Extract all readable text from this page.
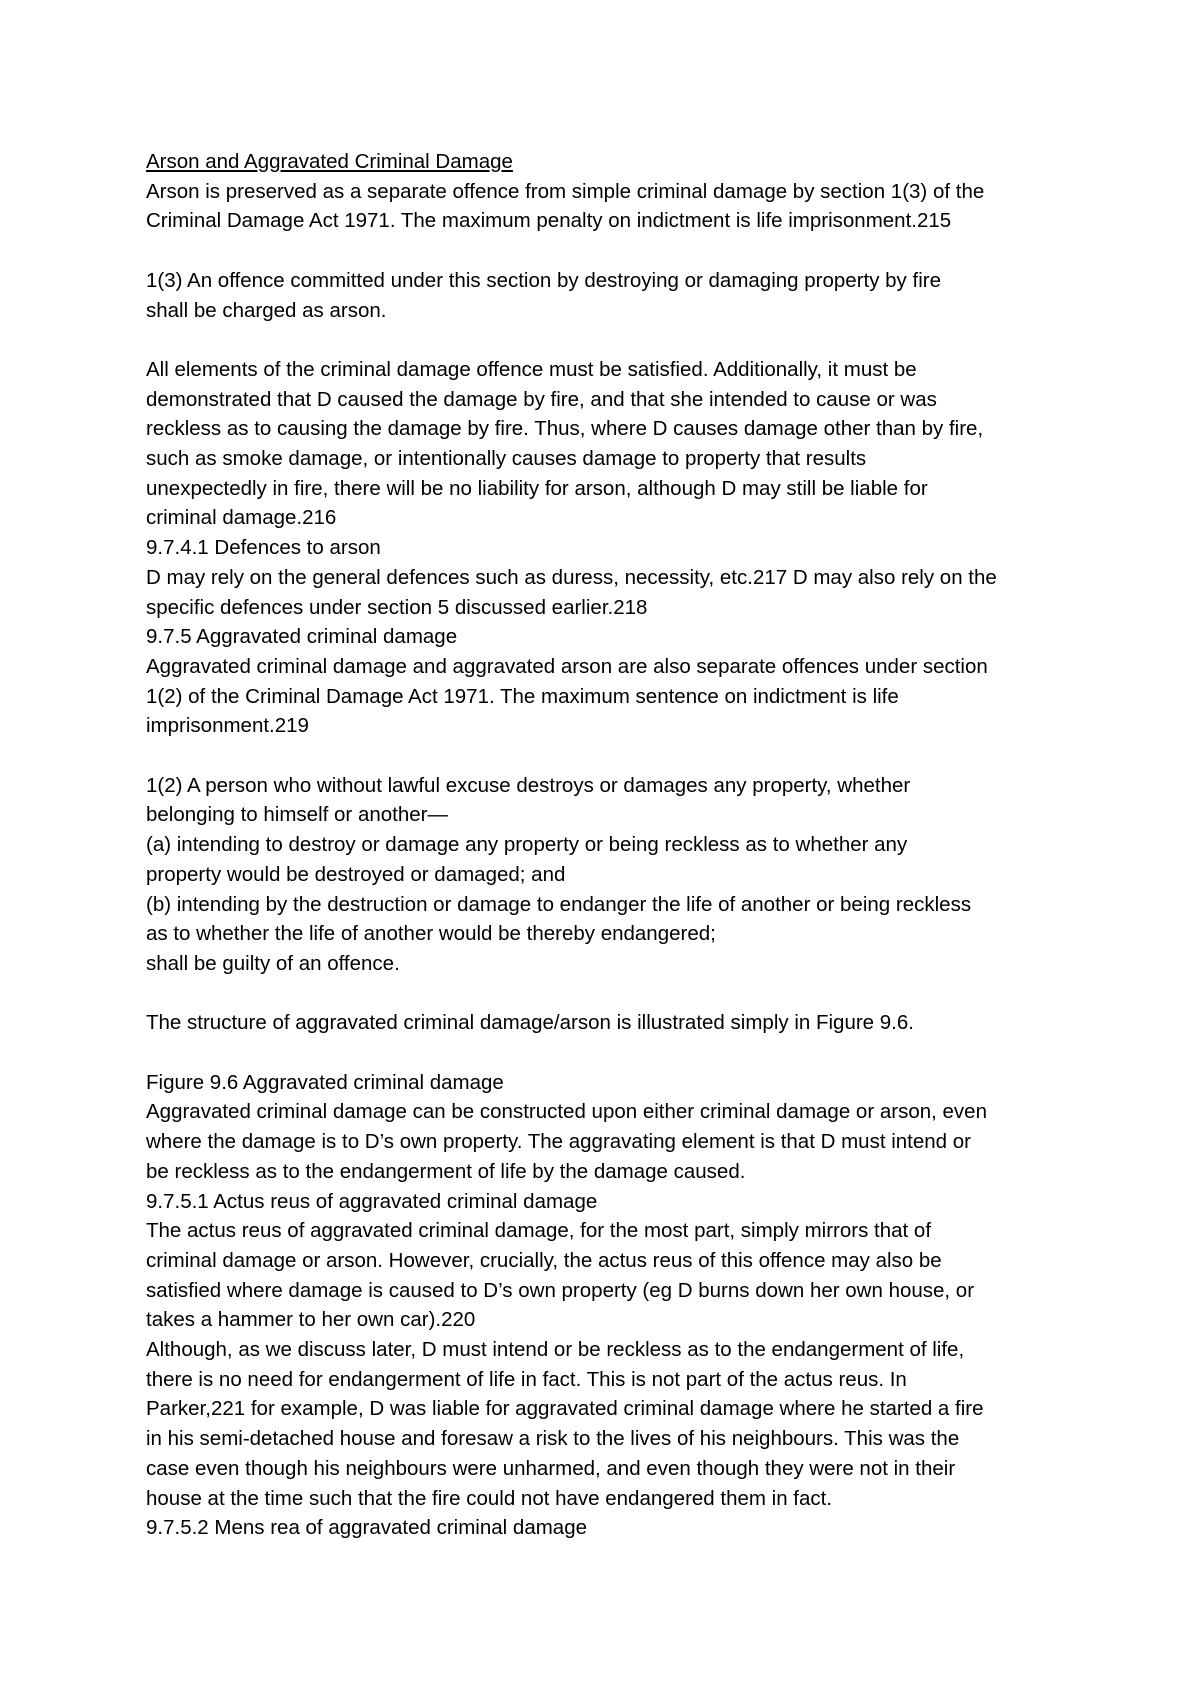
Arson and Aggravated Criminal Damage
Arson is preserved as a separate offence from simple criminal damage by section 1(3) of the
Criminal Damage Act 1971. The maximum penalty on indictment is life imprisonment.215
1(3) An offence committed under this section by destroying or damaging property by fire
shall be charged as arson.
All elements of the criminal damage offence must be satisfied. Additionally, it must be
demonstrated that D caused the damage by fire, and that she intended to cause or was
reckless as to causing the damage by fire. Thus, where D causes damage other than by fire,
such as smoke damage, or intentionally causes damage to property that results
unexpectedly in fire, there will be no liability for arson, although D may still be liable for
criminal damage.216
9.7.4.1 Defences to arson
D may rely on the general defences such as duress, necessity, etc.217 D may also rely on the
specific defences under section 5 discussed earlier.218
9.7.5 Aggravated criminal damage
Aggravated criminal damage and aggravated arson are also separate offences under section
1(2) of the Criminal Damage Act 1971. The maximum sentence on indictment is life
imprisonment.219
1(2) A person who without lawful excuse destroys or damages any property, whether
belonging to himself or another—
(a) intending to destroy or damage any property or being reckless as to whether any
property would be destroyed or damaged; and
(b) intending by the destruction or damage to endanger the life of another or being reckless
as to whether the life of another would be thereby endangered;
shall be guilty of an offence.
The structure of aggravated criminal damage/arson is illustrated simply in Figure 9.6.
Figure 9.6 Aggravated criminal damage
Aggravated criminal damage can be constructed upon either criminal damage or arson, even
where the damage is to D’s own property. The aggravating element is that D must intend or
be reckless as to the endangerment of life by the damage caused.
9.7.5.1 Actus reus of aggravated criminal damage
The actus reus of aggravated criminal damage, for the most part, simply mirrors that of
criminal damage or arson. However, crucially, the actus reus of this offence may also be
satisfied where damage is caused to D’s own property (eg D burns down her own house, or
takes a hammer to her own car).220
Although, as we discuss later, D must intend or be reckless as to the endangerment of life,
there is no need for endangerment of life in fact. This is not part of the actus reus. In
Parker,221 for example, D was liable for aggravated criminal damage where he started a fire
in his semi-detached house and foresaw a risk to the lives of his neighbours. This was the
case even though his neighbours were unharmed, and even though they were not in their
house at the time such that the fire could not have endangered them in fact.
9.7.5.2 Mens rea of aggravated criminal damage
